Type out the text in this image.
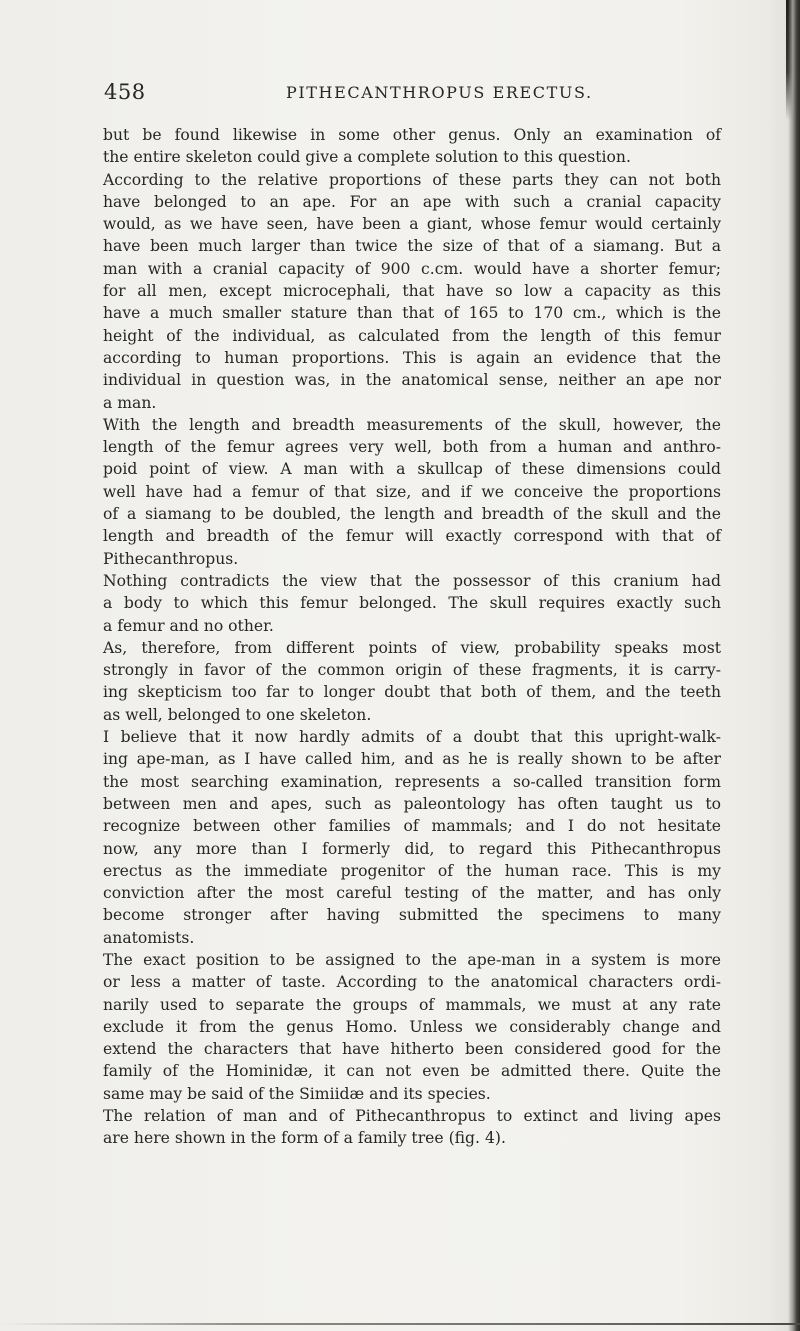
458	PITHECANTHROPUS ERECTUS.
but be found likewise in some other genus. Only an examination of
the entire skeleton could give a complete solution to this question.
According to the relative proportions of these parts they can not both
have belonged to an ape. For an ape with such a cranial capacity
would, as we have seen, have been a giant, whose femur would certainly
have been much larger than twice the size of that of a siamang. But a
man with a cranial capacity of 900 c.cm. would have a shorter femur;
for all men, except microcephali, that have so low a capacity as this
have a much smaller stature than that of 165 to 170 cm., which is the
height of the individual, as calculated from the length of this femur
according to human proportions. This is again an evidence that the
individual in question was, in the anatomical sense, neither an ape nor
a man.
With the length and breadth measurements of the skull, however, the
length of the femur agrees very well, both from a human and anthro-
poid point of view. A man with a skullcap of these dimensions could
well have had a femur of that size, and if we conceive the proportions
of a siamang to be doubled, the length and breadth of the skull and the
length and breadth of the femur will exactly correspond with that of
Pithecanthropus.
Nothing contradicts the view that the possessor of this cranium had
a body to which this femur belonged. The skull requires exactly such
a femur and no other.
As, therefore, from different points of view, probability speaks most
strongly in favor of the common origin of these fragments, it is carry-
ing skepticism too far to longer doubt that both of them, and the teeth
as well, belonged to one skeleton.
I believe that it now hardly admits of a doubt that this upright-walk-
ing ape-man, as I have called him, and as he is really shown to be after
the most searching examination, represents a so-called transition form
between men and apes, such as paleontology has often taught us to
recognize between other families of mammals; and I do not hesitate
now, any more than I formerly did, to regard this Pithecanthropus
erectus as the immediate progenitor of the human race. This is my
conviction after the most careful testing of the matter, and has only
become stronger after having submitted the specimens to many
anatomists.
The exact position to be assigned to the ape-man in a system is more
or less a matter of taste. According to the anatomical characters ordi-
narily used to separate the groups of mammals, we must at any rate
exclude it from the genus Homo. Unless we considerably change and
extend the characters that have hitherto been considered good for the
family of the Hominidæ, it can not even be admitted there. Quite the
same may be said of the Simiidæ and its species.
The relation of man and of Pithecanthropus to extinct and living apes
are here shown in the form of a family tree (fig. 4).
